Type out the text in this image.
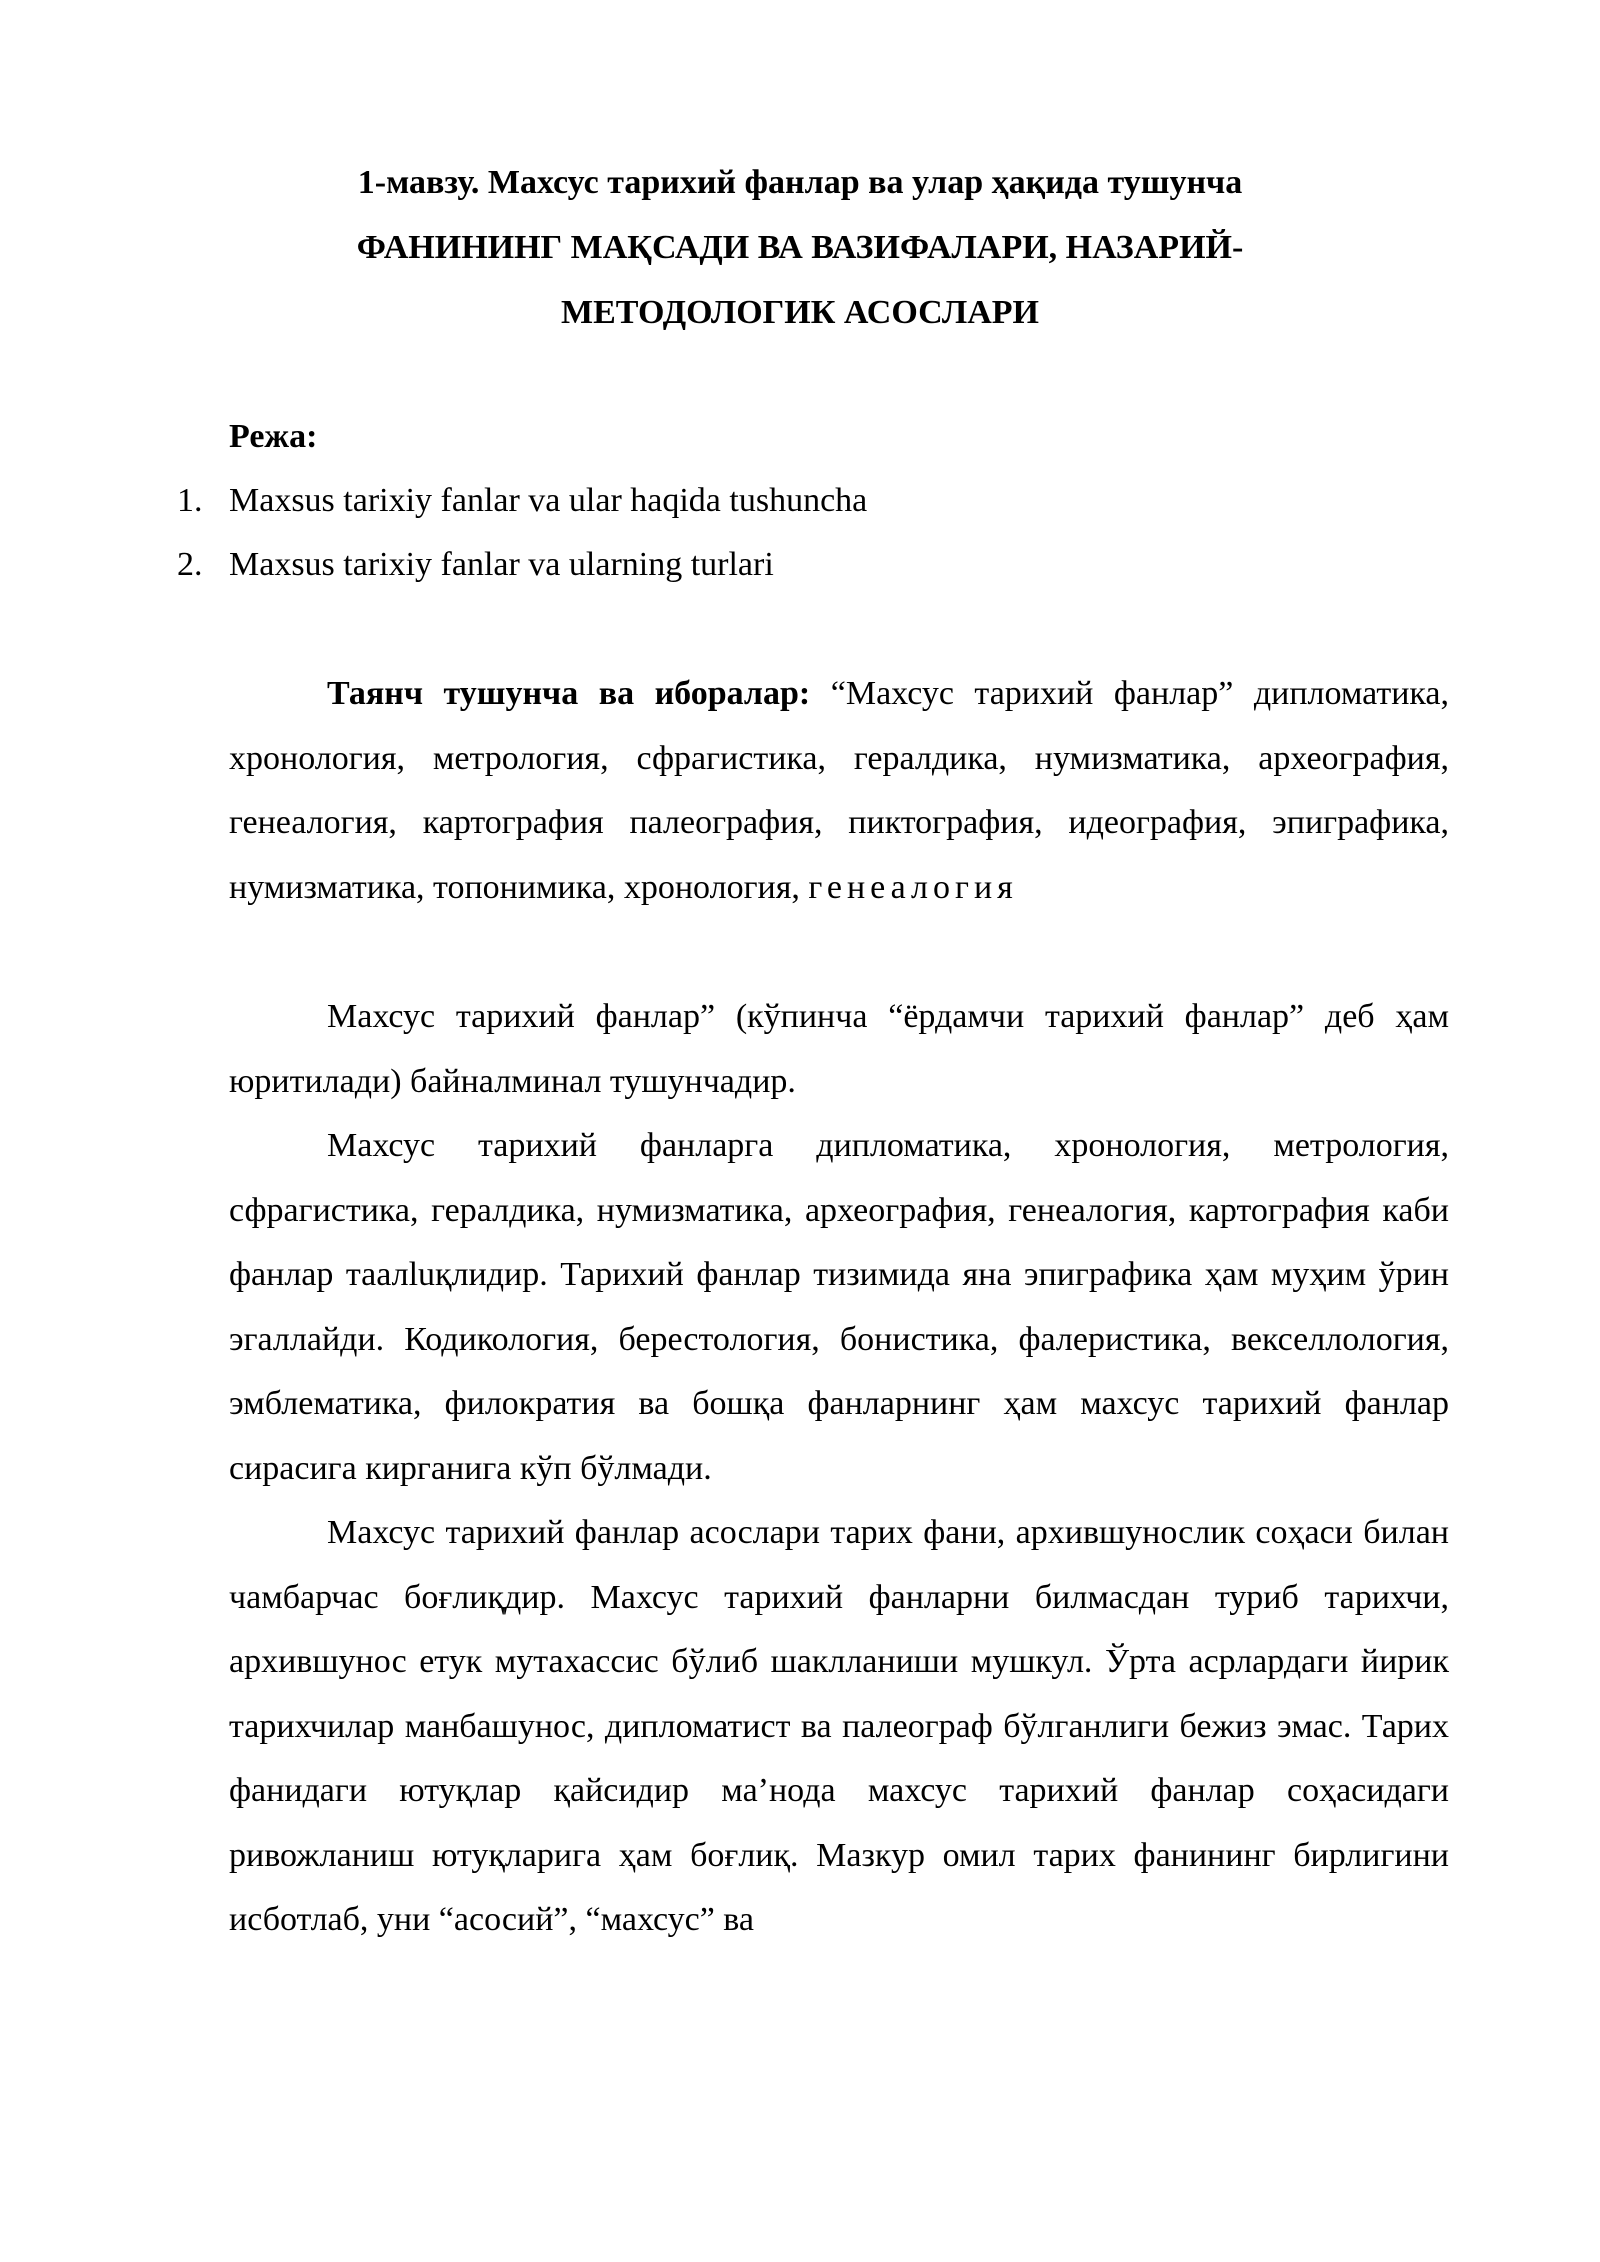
1-мавзу. Махсус тарихий фанлар ва улар ҳақида тушунча
ФАНИНИНГ МАҚСАДИ ВА ВАЗИФАЛАРИ, НАЗАРИЙ-
МЕТОДОЛОГИК АСОСЛАРИ
Режа:
1. Maxsus tarixiy fanlar va ular haqida tushuncha
2. Maxsus tarixiy fanlar va ularning turlari

Таянч тушунча ва иборалар: “Махсус тарихий фанлар” дипломатика, хронология, метрология, сфрагистика, гералдика, нумизматика, археография, генеалогия, картография палеография, пиктография, идеография, эпиграфика, нумизматика, топонимика, хронология, генеалогия

Махсус тарихий фанлар” (кўпинча “ёрдамчи тарихий фанлар” деб ҳам юритилади) байналминал тушунчадир.

Махсус тарихий фанларга дипломатика, хронология, метрология, сфрагистика, гералдика, нумизматика, археография, генеалогия, картография каби фанлар таалluқлидир. Тарихий фанлар тизимида яна эпиграфика ҳам муҳим ўрин эгаллайди. Кодикология, берестология, бонистика, фалеристика, векселлология, эмблематика, филократия ва бошқа фанларнинг ҳам махсус тарихий фанлар сирасига кирганига кўп бўлмади.

Махсус тарихий фанлар асослари тарих фани, архившунослик соҳаси билан чамбарчас боғлиқдир. Махсус тарихий фанларни билмасдан туриб тарихчи, архившунос етук мутахассис бўлиб шаклланиши мушкул. Ўрта асрлардаги йирик тарихчилар манбашунос, дипломатист ва палеограф бўлганлиги бежиз эмас. Тарих фанидаги ютуқлар қайсидир ма’нода махсус тарихий фанлар соҳасидаги ривожланиш ютуқларига ҳам боғлиқ. Мазкур омил тарих фанининг бирлигини исботлаб, уни “асосий”, “махсус” ва
